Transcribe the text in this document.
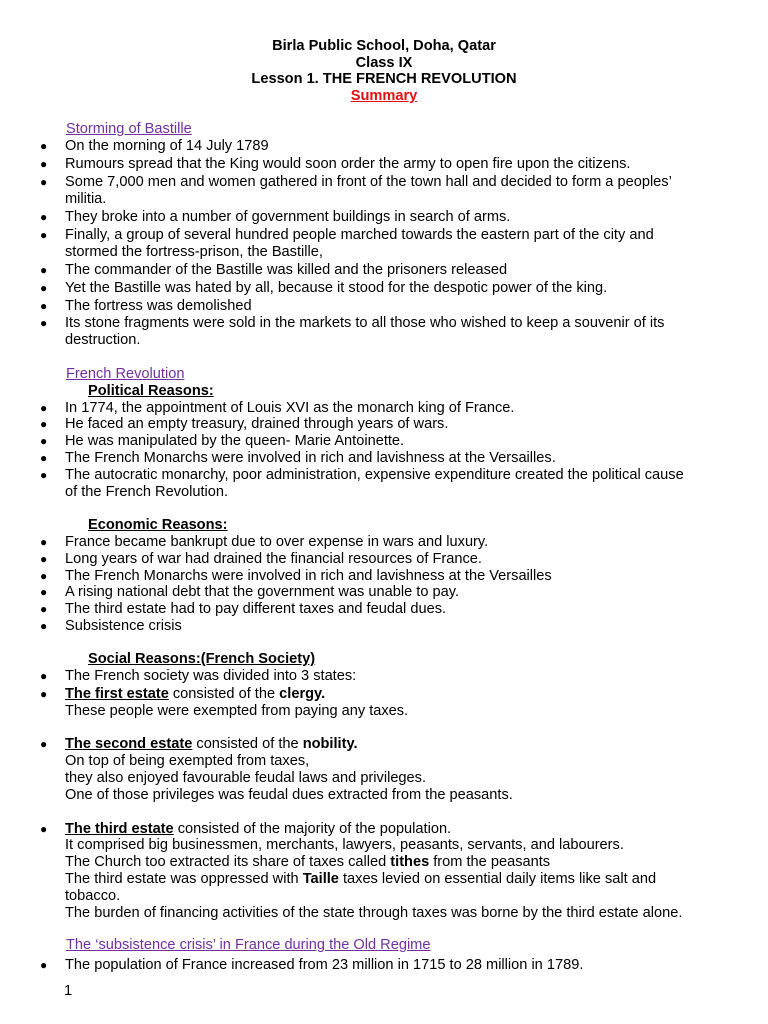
Birla Public School, Doha, Qatar
Class IX
Lesson 1. THE FRENCH REVOLUTION
Summary
Storming of Bastille
● On the morning of 14 July 1789
● Rumours spread that the King would soon order the army to open fire upon the citizens.
● Some 7,000 men and women gathered in front of the town hall and decided to form a peoples’
militia.
● They broke into a number of government buildings in search of arms.
● Finally, a group of several hundred people marched towards the eastern part of the city and
stormed the fortress-prison, the Bastille,
● The commander of the Bastille was killed and the prisoners released
● Yet the Bastille was hated by all, because it stood for the despotic power of the king.
● The fortress was demolished
● Its stone fragments were sold in the markets to all those who wished to keep a souvenir of its
destruction.
French Revolution
Political Reasons:
● In 1774, the appointment of Louis XVI as the monarch king of France.
● He faced an empty treasury, drained through years of wars.
● He was manipulated by the queen- Marie Antoinette.
● The French Monarchs were involved in rich and lavishness at the Versailles.
● The autocratic monarchy, poor administration, expensive expenditure created the political cause
of the French Revolution.
Economic Reasons:
● France became bankrupt due to over expense in wars and luxury.
● Long years of war had drained the financial resources of France.
● The French Monarchs were involved in rich and lavishness at the Versailles
● A rising national debt that the government was unable to pay.
● The third estate had to pay different taxes and feudal dues.
● Subsistence crisis
Social Reasons:(French Society)
● The French society was divided into 3 states:
● The first estate consisted of the clergy.
These people were exempted from paying any taxes.
● The second estate consisted of the nobility.
On top of being exempted from taxes,
they also enjoyed favourable feudal laws and privileges.
One of those privileges was feudal dues extracted from the peasants.
● The third estate consisted of the majority of the population.
It comprised big businessmen, merchants, lawyers, peasants, servants, and labourers.
The Church too extracted its share of taxes called tithes from the peasants
The third estate was oppressed with Taille taxes levied on essential daily items like salt and
tobacco.
The burden of financing activities of the state through taxes was borne by the third estate alone.
The ‘subsistence crisis’ in France during the Old Regime
● The population of France increased from 23 million in 1715 to 28 million in 1789.
1
